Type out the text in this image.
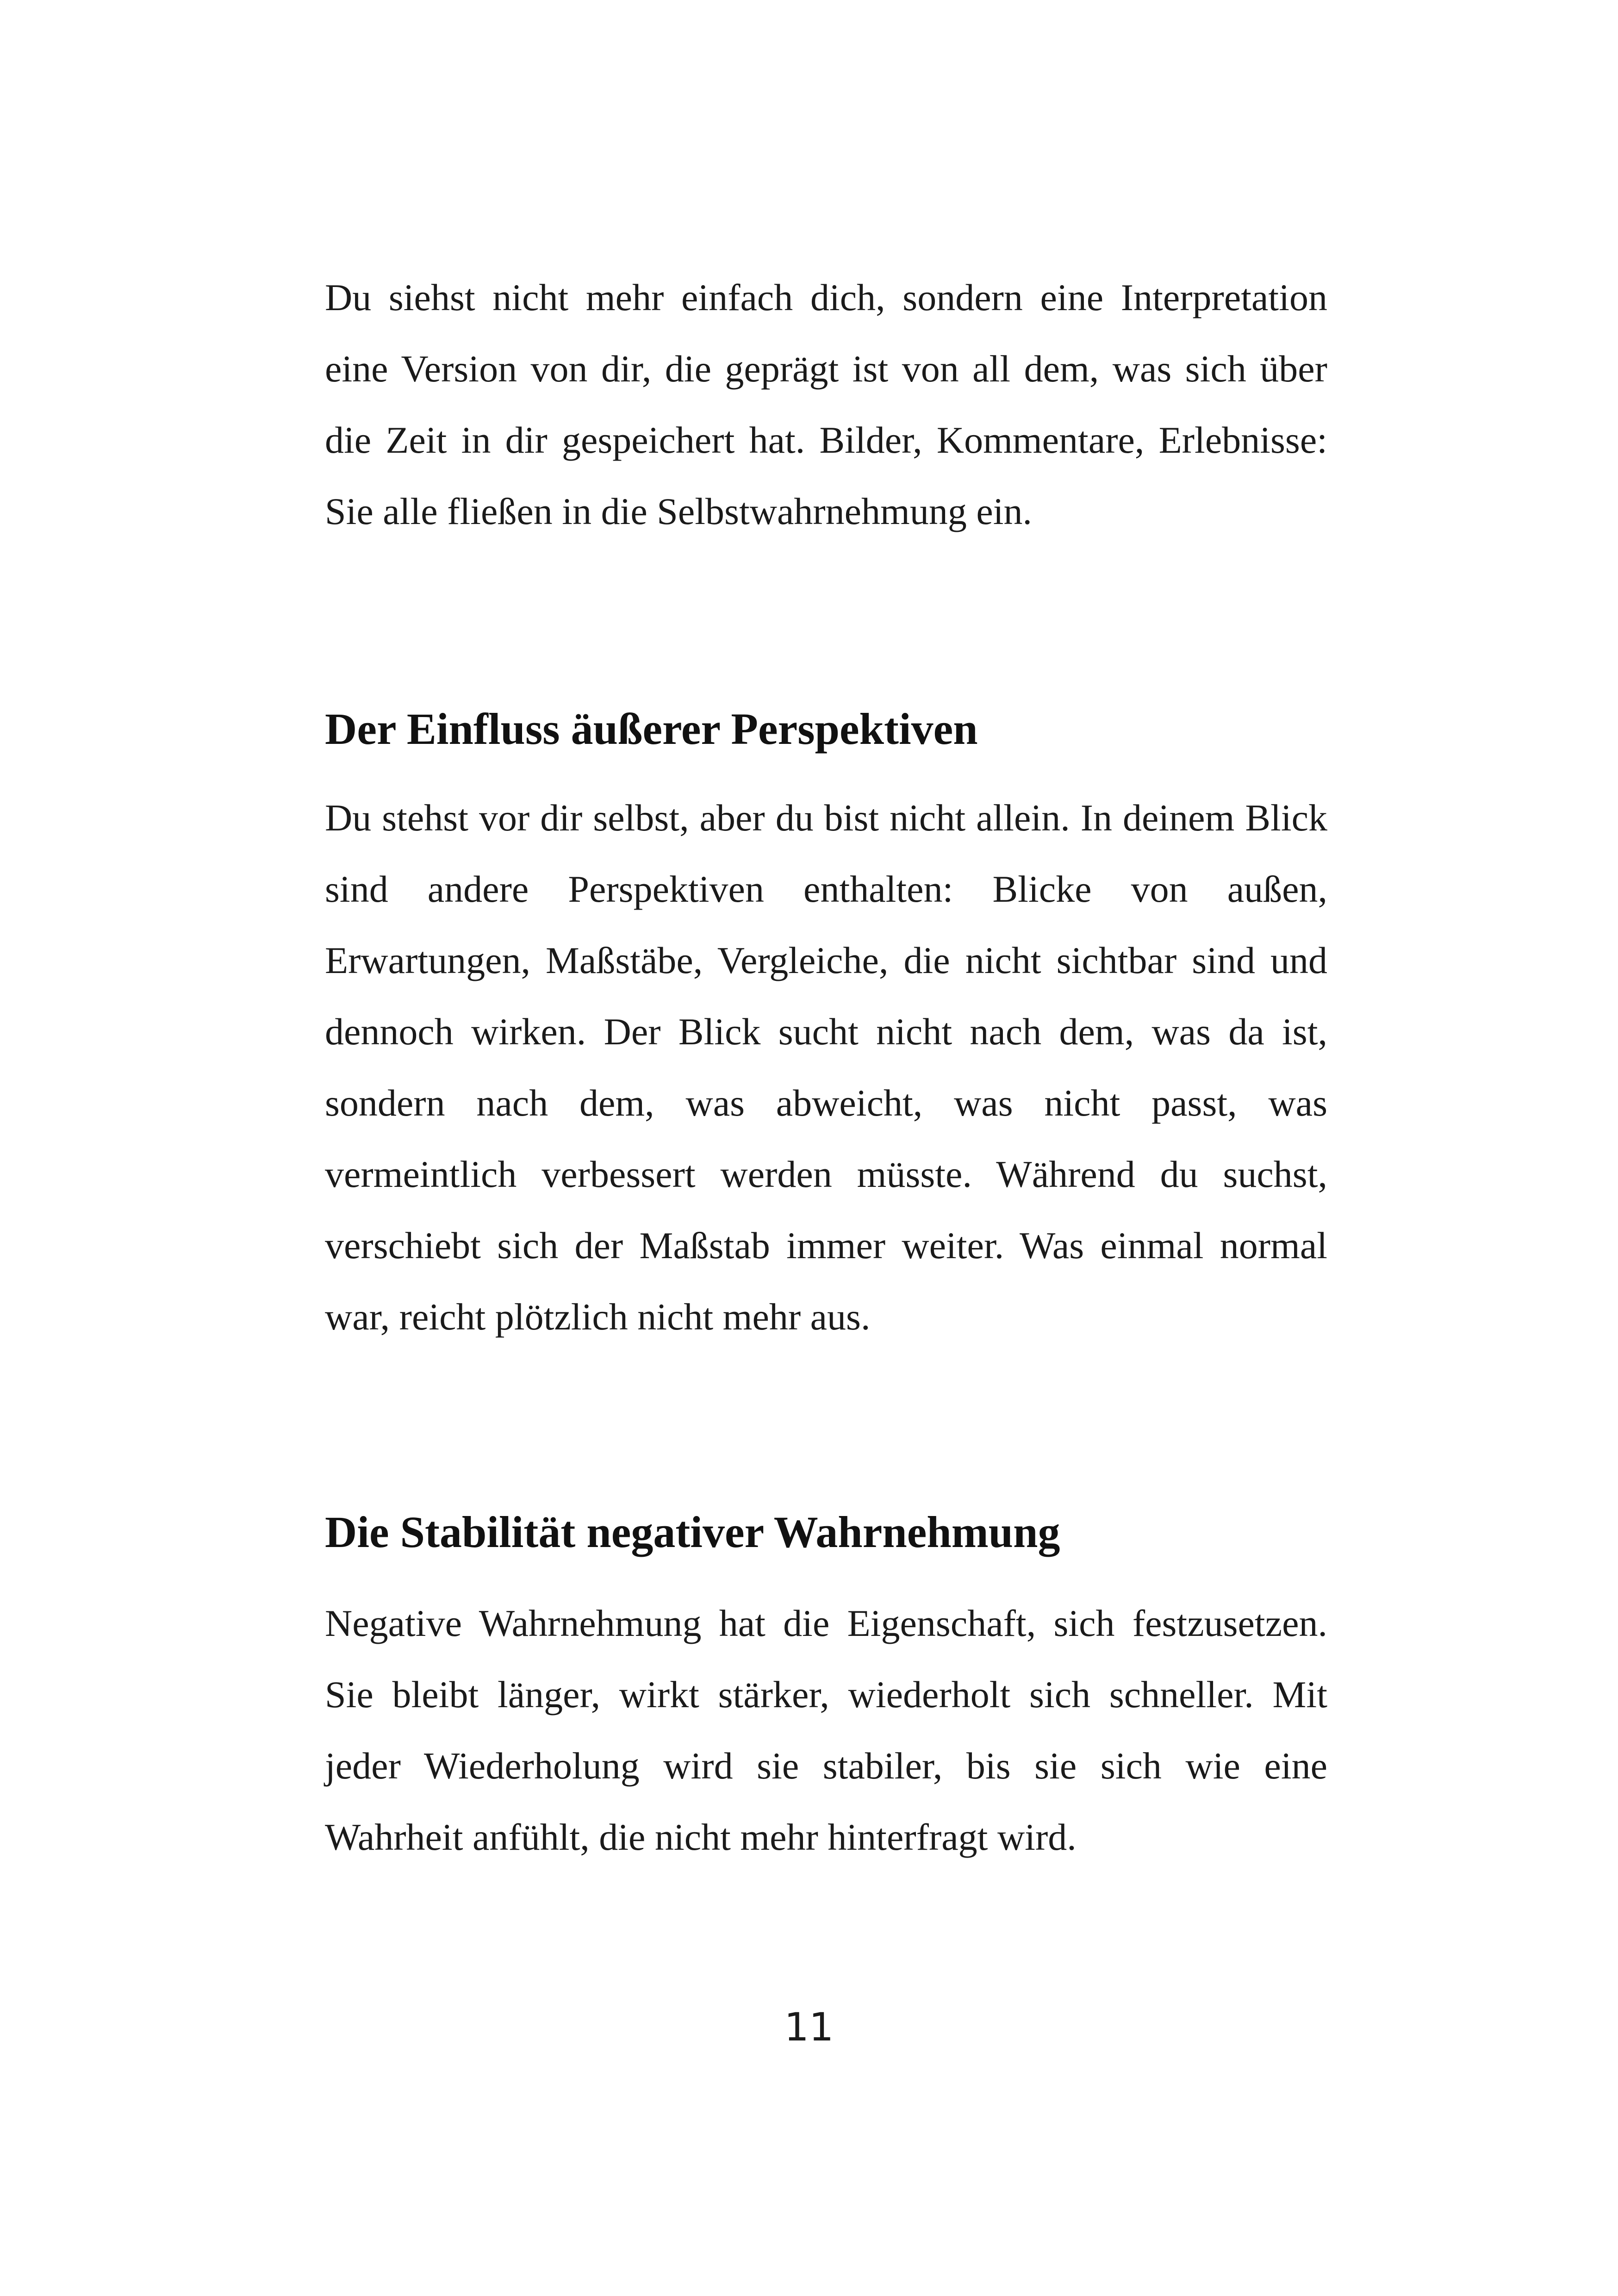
Du siehst nicht mehr einfach dich, sondern eine Interpretation eine Version von dir, die geprägt ist von all dem, was sich über die Zeit in dir gespeichert hat. Bilder, Kommentare, Erlebnisse: Sie alle fließen in die Selbstwahrnehmung ein.

Der Einfluss äußerer Perspektiven

Du stehst vor dir selbst, aber du bist nicht allein. In deinem Blick sind andere Perspektiven enthalten: Blicke von außen, Erwartungen, Maßstäbe, Vergleiche, die nicht sichtbar sind und dennoch wirken. Der Blick sucht nicht nach dem, was da ist, sondern nach dem, was abweicht, was nicht passt, was vermeintlich verbessert werden müsste. Während du suchst, verschiebt sich der Maßstab immer weiter. Was einmal normal war, reicht plötzlich nicht mehr aus.

Die Stabilität negativer Wahrnehmung

Negative Wahrnehmung hat die Eigenschaft, sich festzusetzen. Sie bleibt länger, wirkt stärker, wiederholt sich schneller. Mit jeder Wiederholung wird sie stabiler, bis sie sich wie eine Wahrheit anfühlt, die nicht mehr hinterfragt wird.

11
